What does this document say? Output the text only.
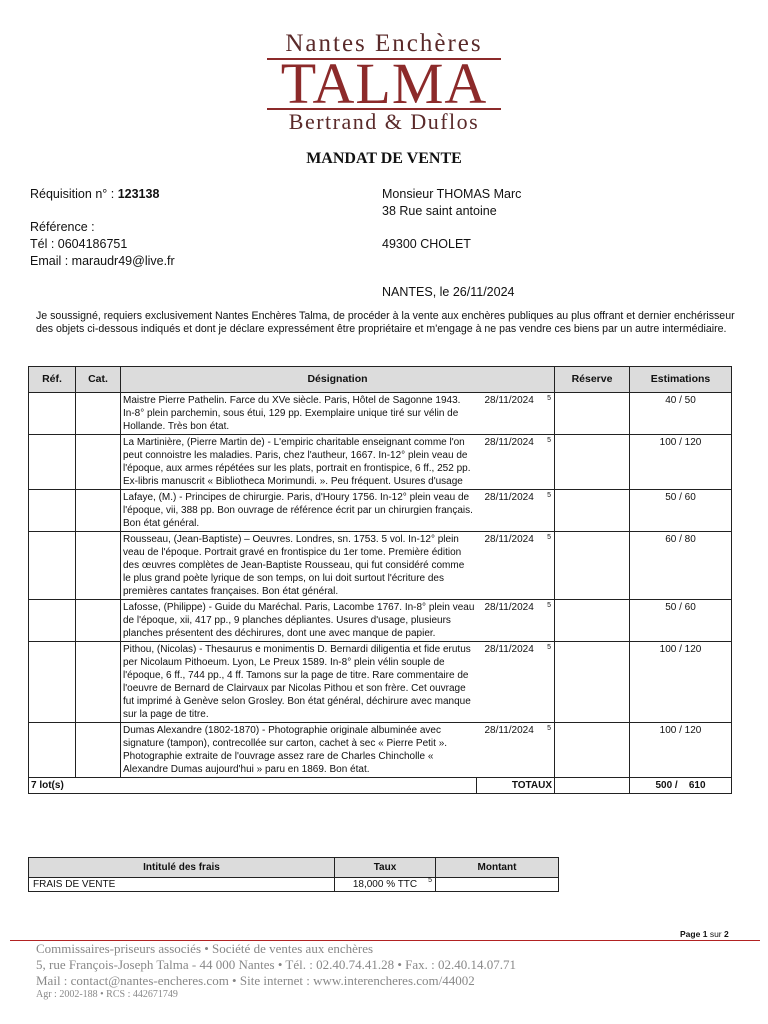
Nantes Enchères
TALMA
Bertrand & Duflos
MANDAT DE VENTE
Réquisition n° : 123138
Référence :
Tél : 0604186751
Email : maraudr49@live.fr
Monsieur THOMAS Marc
38 Rue saint antoine
49300 CHOLET
NANTES, le 26/11/2024
Je soussigné, requiers exclusivement Nantes Enchères Talma, de procéder à la vente aux enchères publiques au plus offrant et dernier enchérisseur des objets ci-dessous indiqués et dont je déclare expressément être propriétaire et m'engage à ne pas vendre ces biens par un autre intermédiaire.
Réf.	Cat.	Désignation		Réserve	Estimations
		Maistre Pierre Pathelin. Farce du XVe siècle. Paris, Hôtel de Sagonne 1943. In-8° plein parchemin, sous étui, 129 pp. Exemplaire unique tiré sur vélin de Hollande. Très bon état.	28/11/2024 5		40 / 50
		La Martinière, (Pierre Martin de) - L'empiric charitable enseignant comme l'on peut connoistre les maladies. Paris, chez l'autheur, 1667. In-12° plein veau de l'époque, aux armes répétées sur les plats, portrait en frontispice, 6 ff., 252 pp. Ex-libris manuscrit « Bibliotheca Morimundi. ». Peu fréquent. Usures d'usage	28/11/2024 5		100 / 120
		Lafaye, (M.) - Principes de chirurgie. Paris, d'Houry 1756. In-12° plein veau de l'époque, vii, 388 pp. Bon ouvrage de référence écrit par un chirurgien français. Bon état général.	28/11/2024 5		50 / 60
		Rousseau, (Jean-Baptiste) – Oeuvres. Londres, sn. 1753. 5 vol. In-12° plein veau de l'époque. Portrait gravé en frontispice du 1er tome. Première édition des œuvres complètes de Jean-Baptiste Rousseau, qui fut considéré comme le plus grand poète lyrique de son temps, on lui doit surtout l'écriture des premières cantates françaises. Bon état général.	28/11/2024 5		60 / 80
		Lafosse, (Philippe) - Guide du Maréchal. Paris, Lacombe 1767. In-8° plein veau de l'époque, xii, 417 pp., 9 planches dépliantes. Usures d'usage, plusieurs planches présentent des déchirures, dont une avec manque de papier.	28/11/2024 5		50 / 60
		Pithou, (Nicolas) - Thesaurus e monimentis D. Bernardi diligentia et fide erutus per Nicolaum Pithoeum. Lyon, Le Preux 1589. In-8° plein vélin souple de l'époque, 6 ff., 744 pp., 4 ff. Tamons sur la page de titre. Rare commentaire de l'oeuvre de Bernard de Clairvaux par Nicolas Pithou et son frère. Cet ouvrage fut imprimé à Genève selon Grosley. Bon état général, déchirure avec manque sur la page de titre.	28/11/2024 5		100 / 120
		Dumas Alexandre (1802-1870) - Photographie originale albuminée avec signature (tampon), contrecollée sur carton, cachet à sec « Pierre Petit ». Photographie extraite de l'ouvrage assez rare de Charles Chincholle « Alexandre Dumas aujourd'hui » paru en 1869. Bon état.	28/11/2024 5		100 / 120
7 lot(s)			TOTAUX		500 /    610
Intitulé des frais	Taux	Montant
FRAIS DE VENTE	18,000 % TTC 5	

Page 1 sur 2
Commissaires-priseurs associés • Société de ventes aux enchères
5, rue François-Joseph Talma - 44 000 Nantes • Tél. : 02.40.74.41.28 • Fax. : 02.40.14.07.71
Mail : contact@nantes-encheres.com • Site internet : www.interencheres.com/44002
Agr : 2002-188 • RCS : 442671749
